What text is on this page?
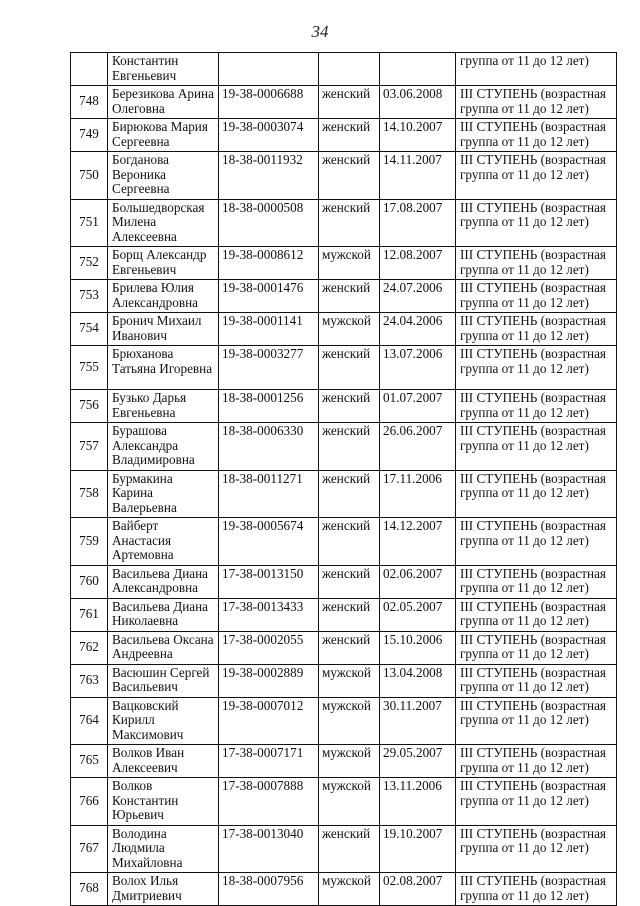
34
	Константин Евгеньевич				группа от 11 до 12 лет)
748	Березикова Арина Олеговна	19-38-0006688	женский	03.06.2008	III СТУПЕНЬ (возрастная группа от 11 до 12 лет)
749	Бирюкова Мария Сергеевна	19-38-0003074	женский	14.10.2007	III СТУПЕНЬ (возрастная группа от 11 до 12 лет)
750	Богданова Вероника Сергеевна	18-38-0011932	женский	14.11.2007	III СТУПЕНЬ (возрастная группа от 11 до 12 лет)
751	Большедворская Милена Алексеевна	18-38-0000508	женский	17.08.2007	III СТУПЕНЬ (возрастная группа от 11 до 12 лет)
752	Борщ Александр Евгеньевич	19-38-0008612	мужской	12.08.2007	III СТУПЕНЬ (возрастная группа от 11 до 12 лет)
753	Брилева Юлия Александровна	19-38-0001476	женский	24.07.2006	III СТУПЕНЬ (возрастная группа от 11 до 12 лет)
754	Бронич Михаил Иванович	19-38-0001141	мужской	24.04.2006	III СТУПЕНЬ (возрастная группа от 11 до 12 лет)
755	Брюханова Татьяна Игоревна	19-38-0003277	женский	13.07.2006	III СТУПЕНЬ (возрастная группа от 11 до 12 лет)
756	Бузько Дарья Евгеньевна	18-38-0001256	женский	01.07.2007	III СТУПЕНЬ (возрастная группа от 11 до 12 лет)
757	Бурашова Александра Владимировна	18-38-0006330	женский	26.06.2007	III СТУПЕНЬ (возрастная группа от 11 до 12 лет)
758	Бурмакина Карина Валерьевна	18-38-0011271	женский	17.11.2006	III СТУПЕНЬ (возрастная группа от 11 до 12 лет)
759	Вайберт Анастасия Артемовна	19-38-0005674	женский	14.12.2007	III СТУПЕНЬ (возрастная группа от 11 до 12 лет)
760	Васильева Диана Александровна	17-38-0013150	женский	02.06.2007	III СТУПЕНЬ (возрастная группа от 11 до 12 лет)
761	Васильева Диана Николаевна	17-38-0013433	женский	02.05.2007	III СТУПЕНЬ (возрастная группа от 11 до 12 лет)
762	Васильева Оксана Андреевна	17-38-0002055	женский	15.10.2006	III СТУПЕНЬ (возрастная группа от 11 до 12 лет)
763	Васюшин Сергей Васильевич	19-38-0002889	мужской	13.04.2008	III СТУПЕНЬ (возрастная группа от 11 до 12 лет)
764	Вацковский Кирилл Максимович	19-38-0007012	мужской	30.11.2007	III СТУПЕНЬ (возрастная группа от 11 до 12 лет)
765	Волков Иван Алексеевич	17-38-0007171	мужской	29.05.2007	III СТУПЕНЬ (возрастная группа от 11 до 12 лет)
766	Волков Константин Юрьевич	17-38-0007888	мужской	13.11.2006	III СТУПЕНЬ (возрастная группа от 11 до 12 лет)
767	Володина Людмила Михайловна	17-38-0013040	женский	19.10.2007	III СТУПЕНЬ (возрастная группа от 11 до 12 лет)
768	Волох Илья Дмитриевич	18-38-0007956	мужской	02.08.2007	III СТУПЕНЬ (возрастная группа от 11 до 12 лет)
